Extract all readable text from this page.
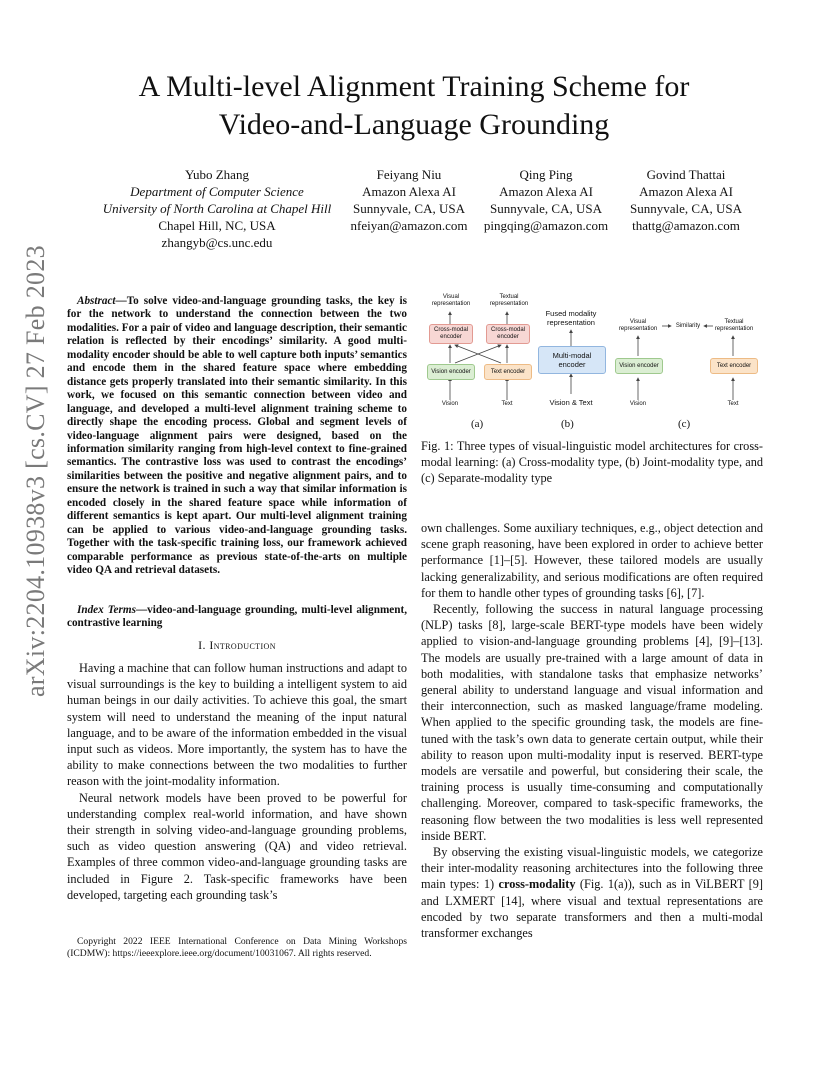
A Multi-level Alignment Training Scheme for
Video-and-Language Grounding
Yubo Zhang
Department of Computer Science
University of North Carolina at Chapel Hill
Chapel Hill, NC, USA
zhangyb@cs.unc.edu
Feiyang Niu
Amazon Alexa AI
Sunnyvale, CA, USA
nfeiyan@amazon.com
Qing Ping
Amazon Alexa AI
Sunnyvale, CA, USA
pingqing@amazon.com
Govind Thattai
Amazon Alexa AI
Sunnyvale, CA, USA
thattg@amazon.com
arXiv:2204.10938v3 [cs.CV] 27 Feb 2023	Abstract—To solve video-and-language grounding tasks, the key is for the network to understand the connection between the two modalities. For a pair of video and language description, their semantic relation is reflected by their encodings’ similarity. A good multi-modality encoder should be able to well capture both inputs’ semantics and encode them in the shared feature space where embedding distance gets properly translated into their semantic similarity. In this work, we focused on this semantic connection between video and language, and developed a multi-level alignment training scheme to directly shape the encoding process. Global and segment levels of video-language alignment pairs were designed, based on the information similarity ranging from high-level context to fine-grained semantics. The contrastive loss was used to contrast the encodings’ similarities between the positive and negative alignment pairs, and to ensure the network is trained in such a way that similar information is encoded closely in the shared feature space while information of different semantics is kept apart. Our multi-level alignment training can be applied to various video-and-language grounding tasks. Together with the task-specific training loss, our framework achieved comparable performance as previous state-of-the-arts on multiple video QA and retrieval datasets.
Index Terms—video-and-language grounding, multi-level alignment, contrastive learning
I. Introduction

Having a machine that can follow human instructions and adapt to visual surroundings is the key to building a intelligent system to aid human beings in our daily activities. To achieve this goal, the smart system will need to understand the meaning of the input natural language, and to be aware of the information embedded in the visual input such as videos. More importantly, the system has to have the ability to make connections between the two modalities to further reason with the joint-modality information.

Neural network models have been proved to be powerful for understanding complex real-world information, and have shown their strength in solving video-and-language grounding problems, such as video question answering (QA) and video retrieval. Examples of three common video-and-language grounding tasks are included in Figure 2. Task-specific frameworks have been developed, targeting each grounding task’s

Copyright 2022 IEEE International Conference on Data Mining Workshops (ICDMW): https://ieeexplore.ieee.org/document/10031067. All rights reserved.
Visual representation
Textual representation
Cross-modal encoder
Cross-modal encoder
Vision encoder	Text encoder
Vision	Text
(a)
Fused modality representation
Multi-modal encoder
Vision & Text
(b)
Visual representation	Similarity
Textual representation
Vision encoder	Text encoder
Vision	Text
(c)
Fig. 1: Three types of visual-linguistic model architectures for cross-modal learning: (a) Cross-modality type, (b) Joint-modality type, and (c) Separate-modality type

own challenges. Some auxiliary techniques, e.g., object detection and scene graph reasoning, have been explored in order to achieve better performance [1]–[5]. However, these tailored models are usually lacking generalizability, and serious modifications are often required for them to handle other types of grounding tasks [6], [7].

Recently, following the success in natural language processing (NLP) tasks [8], large-scale BERT-type models have been widely applied to vision-and-language grounding problems [4], [9]–[13]. The models are usually pre-trained with a large amount of data in both modalities, with standalone tasks that emphasize networks’ general ability to understand language and visual information and their interconnection, such as masked language/frame modeling. When applied to the specific grounding task, the models are fine-tuned with the task’s own data to generate certain output, while their ability to reason upon multi-modality input is reserved. BERT-type models are versatile and powerful, but considering their scale, the training process is usually time-consuming and computationally challenging. Moreover, compared to task-specific frameworks, the reasoning flow between the two modalities is less well represented inside BERT.

By observing the existing visual-linguistic models, we categorize their inter-modality reasoning architectures into the following three main types: 1) cross-modality (Fig. 1(a)), such as in ViLBERT [9] and LXMERT [14], where visual and textual representations are encoded by two separate transformers and then a multi-modal transformer exchanges
